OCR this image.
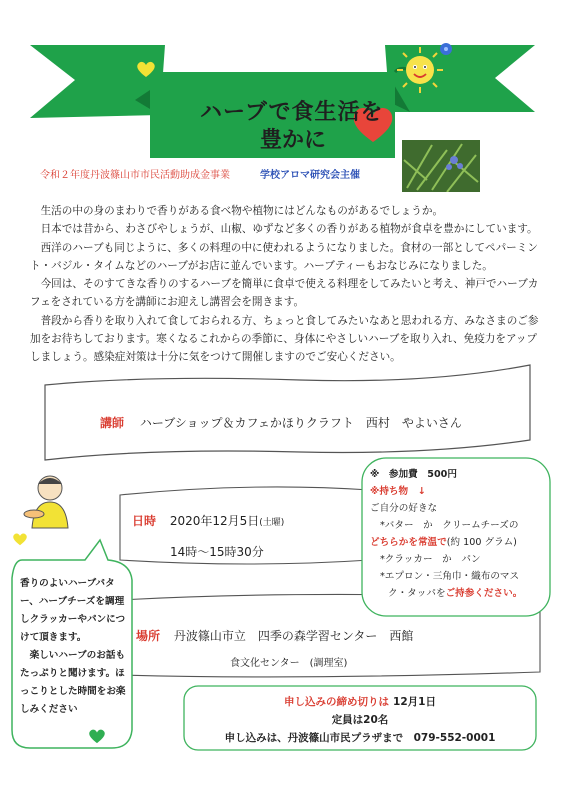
ハーブで食生活を
豊かに
令和２年度丹波篠山市市民活動助成金事業	学校アロマ研究会主催

生活の中の身のまわりで香りがある食べ物や植物にはどんなものがあるでしょうか。

日本では昔から、わさびやしょうが、山椒、ゆずなど多くの香りがある植物が食卓を豊かにしています。

西洋のハーブも同じように、多くの料理の中に使われるようになりました。食材の一部としてペパーミント・バジル・タイムなどのハーブがお店に並んでいます。ハーブティーもおなじみになりました。

今回は、そのすてきな香りのするハーブを簡単に食卓で使える料理をしてみたいと考え、神戸でハーブカフェをされている方を講師にお迎えし講習会を開きます。

普段から香りを取り入れて食しておられる方、ちょっと食してみたいなあと思われる方、みなさまのご参加をお待ちしております。寒くなるこれからの季節に、身体にやさしいハーブを取り入れ、免疫力をアップしましょう。感染症対策は十分に気をつけて開催しますのでご安心ください。

講師 ハーブショップ＆カフェかほりクラフト　西村　やよいさん
※　参加費　500円
※持ち物　↓
ご自分の好きな
*バター　か　クリームチーズの
どちらかを常温で(約 100 グラム)
*クラッカー　か　パン
*エプロン・三角巾・織布のマス
ク・タッパをご持参ください。
日時 2020年12月5日(土曜)
14時～15時30分

香りのよいハーブバター、ハーブチーズを調理しクラッカーやパンにつけて頂きます。

楽しいハーブのお話もたっぷりと聞けます。ほっこりとした時間をお楽しみください

場所 丹波篠山市立　四季の森学習センター　西館
食文化センター　(調理室)
申し込みの締め切りは 12月1日
定員は20名
申し込みは、丹波篠山市民プラザまで　079-552-0001
